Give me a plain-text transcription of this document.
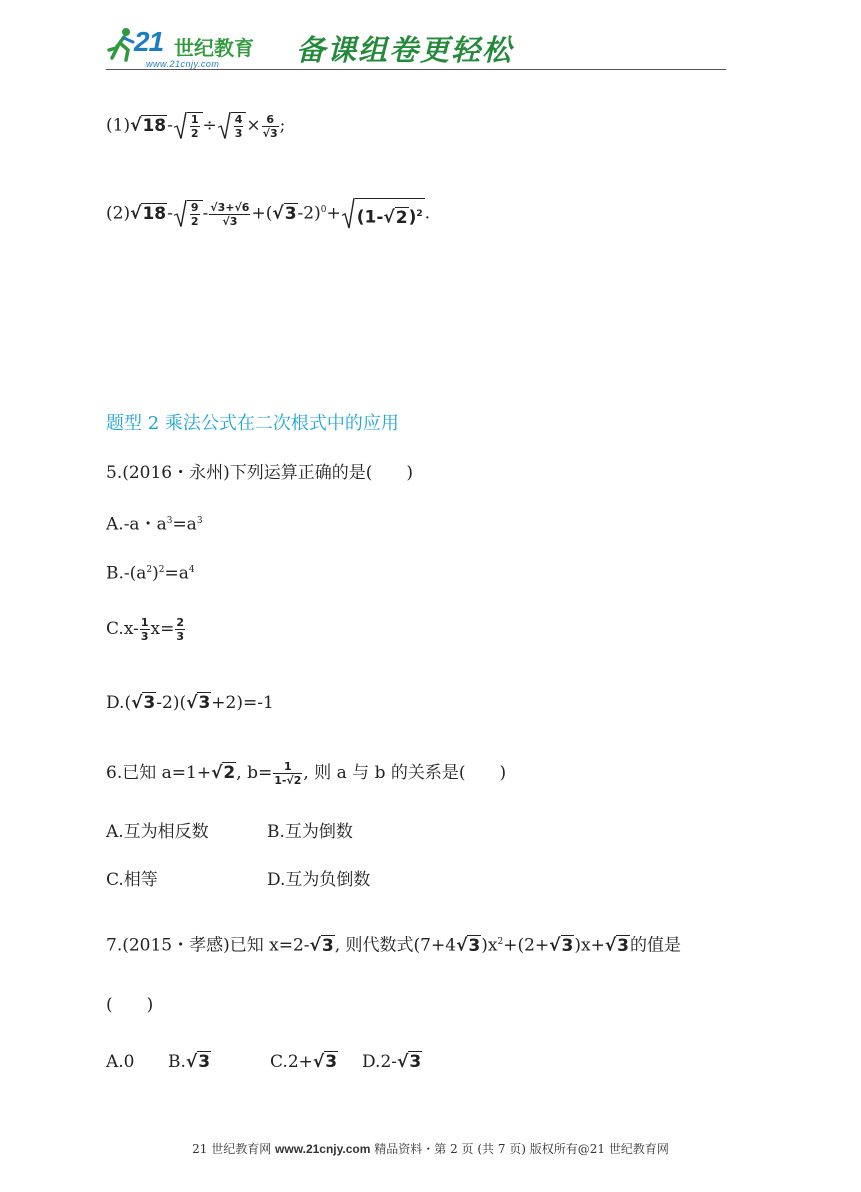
21 世纪教育
www.21cnjy.com	备课组卷更轻松
$(1)√18- \frac{1}{2} \div \frac{4}{3} \times \frac{6}{√3}$ ;
$(2)√18- \frac{9}{2} - \frac{√3+√6}{√3} +(√3-2)^0+ (1-√2)^2$ .
题型 2 乘法公式在二次根式中的应用
5.(2016・永州)下列运算正确的是(　　)
A.-a・$a^3=a^3$
$B.-(a^2)^2=a^4$
$C.x- \frac{1}{3} x= \frac{2}{3}$
D.(√3-2)(√3+2)=-1
6.已知 a=1+√2, $b= \frac{1}{1-√2}$ , 则 a 与 b 的关系是(　　)
A.互为相反数	B.互为倒数
C.相等	D.互为负倒数
7.(2015・孝感)已知 x=2-√3, 则代数式$(7+4√3)x^2+(2+√3)x+√3$的值是
(　　)
A.0 B.√3	C.2+√3 D.2-√3
21 世纪教育网 www.21cnjy.com 精品资料・第 2 页 (共 7 页) 版权所有@21 世纪教育网
